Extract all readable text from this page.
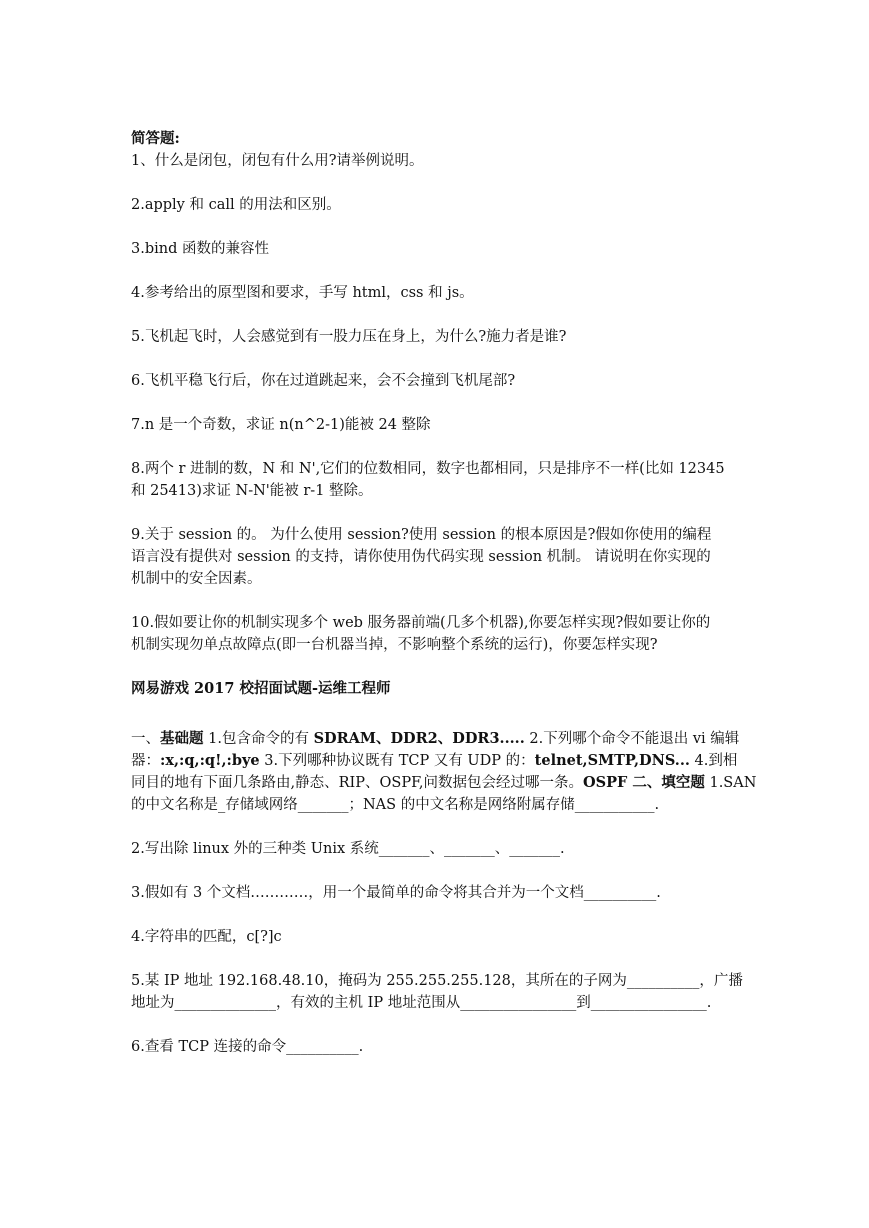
简答题:
1、什么是闭包，闭包有什么用?请举例说明。
2.apply 和 call 的用法和区别。
3.bind 函数的兼容性
4.参考给出的原型图和要求，手写 html，css 和 js。
5.飞机起飞时，人会感觉到有一股力压在身上，为什么?施力者是谁?
6.飞机平稳飞行后，你在过道跳起来，会不会撞到飞机尾部?
7.n 是一个奇数，求证 n(n^2-1)能被 24 整除
8.两个 r 进制的数，N 和 N',它们的位数相同，数字也都相同，只是排序不一样(比如 12345
和 25413)求证 N-N'能被 r-1 整除。
9.关于 session 的。 为什么使用 session?使用 session 的根本原因是?假如你使用的编程
语言没有提供对 session 的支持，请你使用伪代码实现 session 机制。 请说明在你实现的
机制中的安全因素。
10.假如要让你的机制实现多个 web 服务器前端(几多个机器),你要怎样实现?假如要让你的
机制实现勿单点故障点(即一台机器当掉，不影响整个系统的运行)，你要怎样实现?
网易游戏 2017 校招面试题-运维工程师
一、基础题 1.包含命令的有 SDRAM、DDR2、DDR3..... 2.下列哪个命令不能退出 vi 编辑
器：:x,:q,:q!,:bye 3.下列哪种协议既有 TCP 又有 UDP 的：telnet,SMTP,DNS... 4.到相
同目的地有下面几条路由,静态、RIP、OSPF,问数据包会经过哪一条。OSPF 二、填空题 1.SAN
的中文名称是_存储域网络_______；NAS 的中文名称是网络附属存储___________.
2.写出除 linux 外的三种类 Unix 系统_______、_______、_______.
3.假如有 3 个文档…………，用一个最简单的命令将其合并为一个文档__________.
4.字符串的匹配，c[?]c
5.某 IP 地址 192.168.48.10，掩码为 255.255.255.128，其所在的子网为__________，广播
地址为______________，有效的主机 IP 地址范围从________________到________________.
6.查看 TCP 连接的命令__________.
